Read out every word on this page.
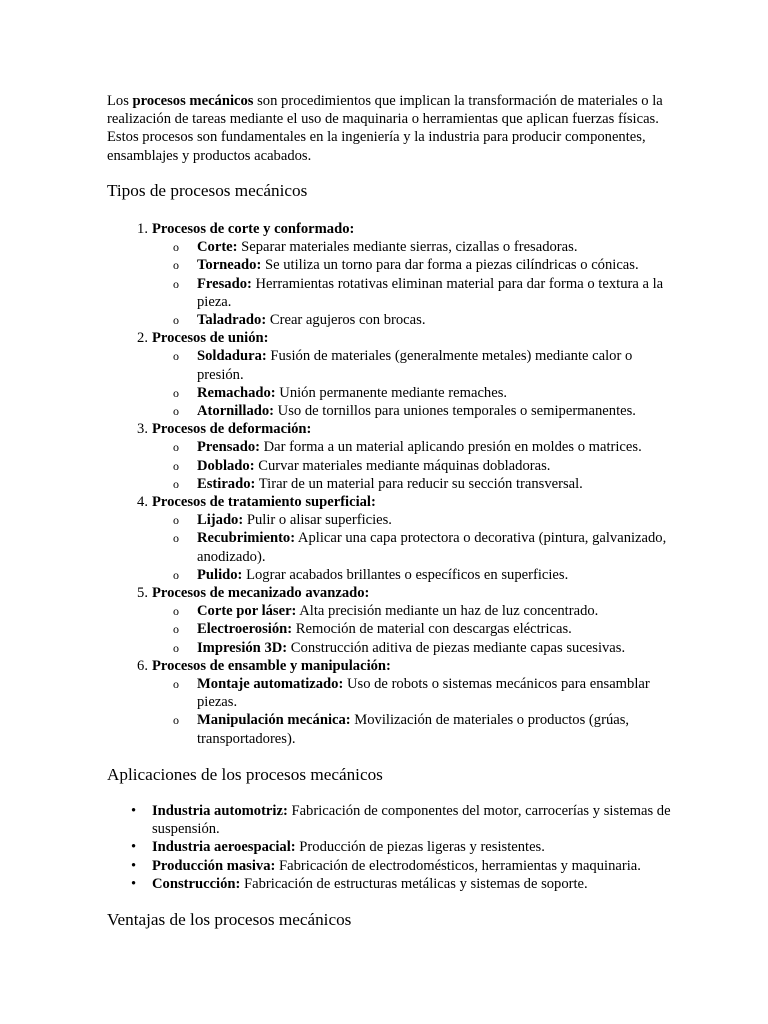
Los procesos mecánicos son procedimientos que implican la transformación de materiales o la realización de tareas mediante el uso de maquinaria o herramientas que aplican fuerzas físicas. Estos procesos son fundamentales en la ingeniería y la industria para producir componentes, ensamblajes y productos acabados.

Tipos de procesos mecánicos
1. Procesos de corte y conformado:
o Corte: Separar materiales mediante sierras, cizallas o fresadoras.
o Torneado: Se utiliza un torno para dar forma a piezas cilíndricas o cónicas.
o Fresado: Herramientas rotativas eliminan material para dar forma o textura a la pieza.
o Taladrado: Crear agujeros con brocas.
2. Procesos de unión:
o Soldadura: Fusión de materiales (generalmente metales) mediante calor o presión.
o Remachado: Unión permanente mediante remaches.
o Atornillado: Uso de tornillos para uniones temporales o semipermanentes.
3. Procesos de deformación:
o Prensado: Dar forma a un material aplicando presión en moldes o matrices.
o Doblado: Curvar materiales mediante máquinas dobladoras.
o Estirado: Tirar de un material para reducir su sección transversal.
4. Procesos de tratamiento superficial:
o Lijado: Pulir o alisar superficies.
o Recubrimiento: Aplicar una capa protectora o decorativa (pintura, galvanizado, anodizado).
o Pulido: Lograr acabados brillantes o específicos en superficies.
5. Procesos de mecanizado avanzado:
o Corte por láser: Alta precisión mediante un haz de luz concentrado.
o Electroerosión: Remoción de material con descargas eléctricas.
o Impresión 3D: Construcción aditiva de piezas mediante capas sucesivas.
6. Procesos de ensamble y manipulación:
o Montaje automatizado: Uso de robots o sistemas mecánicos para ensamblar piezas.
o Manipulación mecánica: Movilización de materiales o productos (grúas, transportadores).
Aplicaciones de los procesos mecánicos
• Industria automotriz: Fabricación de componentes del motor, carrocerías y sistemas de suspensión.
• Industria aeroespacial: Producción de piezas ligeras y resistentes.
• Producción masiva: Fabricación de electrodomésticos, herramientas y maquinaria.
• Construcción: Fabricación de estructuras metálicas y sistemas de soporte.
Ventajas de los procesos mecánicos
